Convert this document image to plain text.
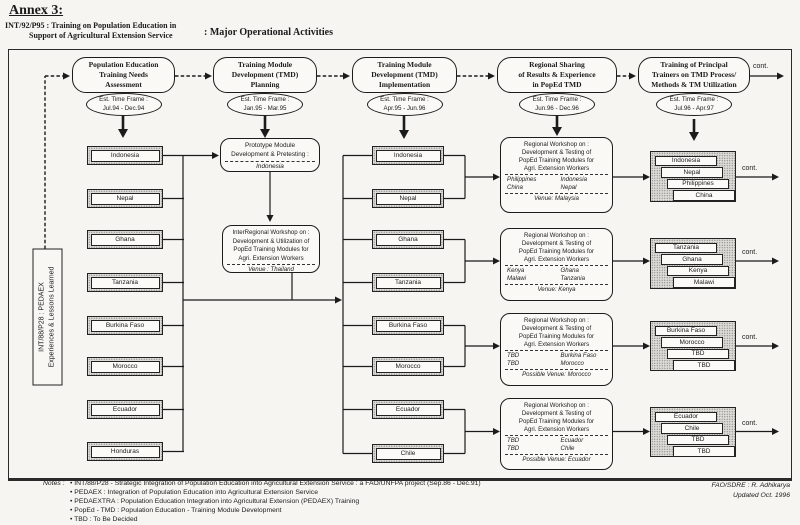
Annex 3:
INT/92/P95 : Training on Population Education in
Support of Agricultural Extension Service	: Major Operational Activities
INT/88/P28 : PEDAEX Experiences & Lessons Learned
Prototype Module
Development & Pretesting :
Indonesia
InterRegional Workshop on :
Development & Utilization of
PopEd Training Modules for
Agri. Extension Workers
Venue : Thailand
cont.
Population Education
Training Needs
Assessment
Est. Time Frame :
Jul.94 - Dec.94
Training Module
Development (TMD)
Planning
Est. Time Frame :
Jan.95 - Mar.95
Training Module
Development (TMD)
Implementation
Est. Time Frame :
Apr.95 - Jun.96
Regional Sharing
of Results & Experience
in PopEd TMD
Est. Time Frame :
Jun.96 - Dec.96
Training of Principal
Trainers on TMD Process/
Methods & TM Utilization
Est. Time Frame :
Jul.96 - Apr.97
Indonesia
Nepal
Ghana
Tanzania
Burkina Faso
Morocco
Ecuador
Honduras
Indonesia
Nepal
Ghana
Tanzania
Burkina Faso
Morocco
Ecuador
Chile
Regional Workshop on :
Development & Testing of
PopEd Training Modules for
Agri. Extension Workers
Philippines	Indonesia
China	Nepal
Venue: Malaysia
Regional Workshop on :
Development & Testing of
PopEd Training Modules for
Agri. Extension Workers
Kenya	Ghana
Malawi	Tanzania
Venue: Kenya
Regional Workshop on :
Development & Testing of
PopEd Training Modules for
Agri. Extension Workers
TBD	Burkina Faso
TBD	Morocco
Possible Venue: Morocco
Regional Workshop on :
Development & Testing of
PopEd Training Modules for
Agri. Extension Workers
TBD	Ecuador
TBD	Chile
Possible Venue: Ecuador
Indonesia
Nepal
Philippines
China
cont.
Tanzania
Ghana
Kenya
Malawi
cont.
Burkina Faso
Morocco
TBD
TBD
cont.
Ecuador
Chile
TBD
TBD
cont.
Notes : • INT/88/P28 - Strategic Integration of Population Education into Agricultural Extension Service : a FAO/UNFPA project (Sep.86 - Dec.91)
• PEDAEX : Integration of Population Education into Agricultural Extension Service
• PEDAEXTRA : Population Education Integration into Agricultural Extension (PEDAEX) Training
• PopEd - TMD : Population Education - Training Module Development
• TBD : To Be Decided
FAO/SDRE : R. Adhikarya
Updated Oct. 1996
